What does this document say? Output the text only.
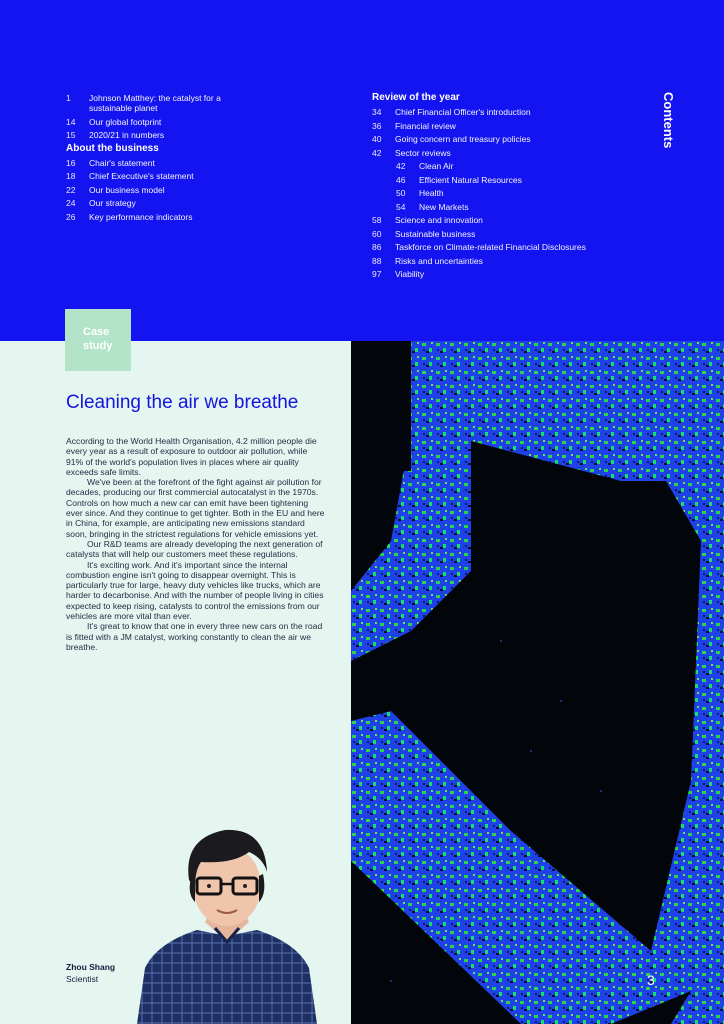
1	Johnson Matthey: the catalyst for a sustainable planet
14	Our global footprint
15	2020/21 in numbers
About the business
16	Chair's statement
18	Chief Executive's statement
22	Our business model
24	Our strategy
26	Key performance indicators
Review of the year
34	Chief Financial Officer's introduction
36	Financial review
40	Going concern and treasury policies
42	Sector reviews
42	Clean Air
46	Efficient Natural Resources
50	Health
54	New Markets
58	Science and innovation
60	Sustainable business
86	Taskforce on Climate-related Financial Disclosures
88	Risks and uncertainties
97	Viability
Contents
Case
study
Cleaning the air we breathe

According to the World Health Organisation, 4.2 million people die every year as a result of exposure to outdoor air pollution, while 91% of the world's population lives in places where air quality exceeds safe limits.

We've been at the forefront of the fight against air pollution for decades, producing our first commercial autocatalyst in the 1970s. Controls on how much a new car can emit have been tightening ever since. And they continue to get tighter. Both in the EU and here in China, for example, are anticipating new emissions standard soon, bringing in the strictest regulations for vehicle emissions yet.

Our R&D teams are already developing the next generation of catalysts that will help our customers meet these regulations.

It's exciting work. And it's important since the internal combustion engine isn't going to disappear overnight. This is particularly true for large, heavy duty vehicles like trucks, which are harder to decarbonise. And with the number of people living in cities expected to keep rising, catalysts to control the emissions from our vehicles are more vital than ever.

It's great to know that one in every three new cars on the road is fitted with a JM catalyst, working constantly to clean the air we breathe.

Zhou Shang
Scientist	3
